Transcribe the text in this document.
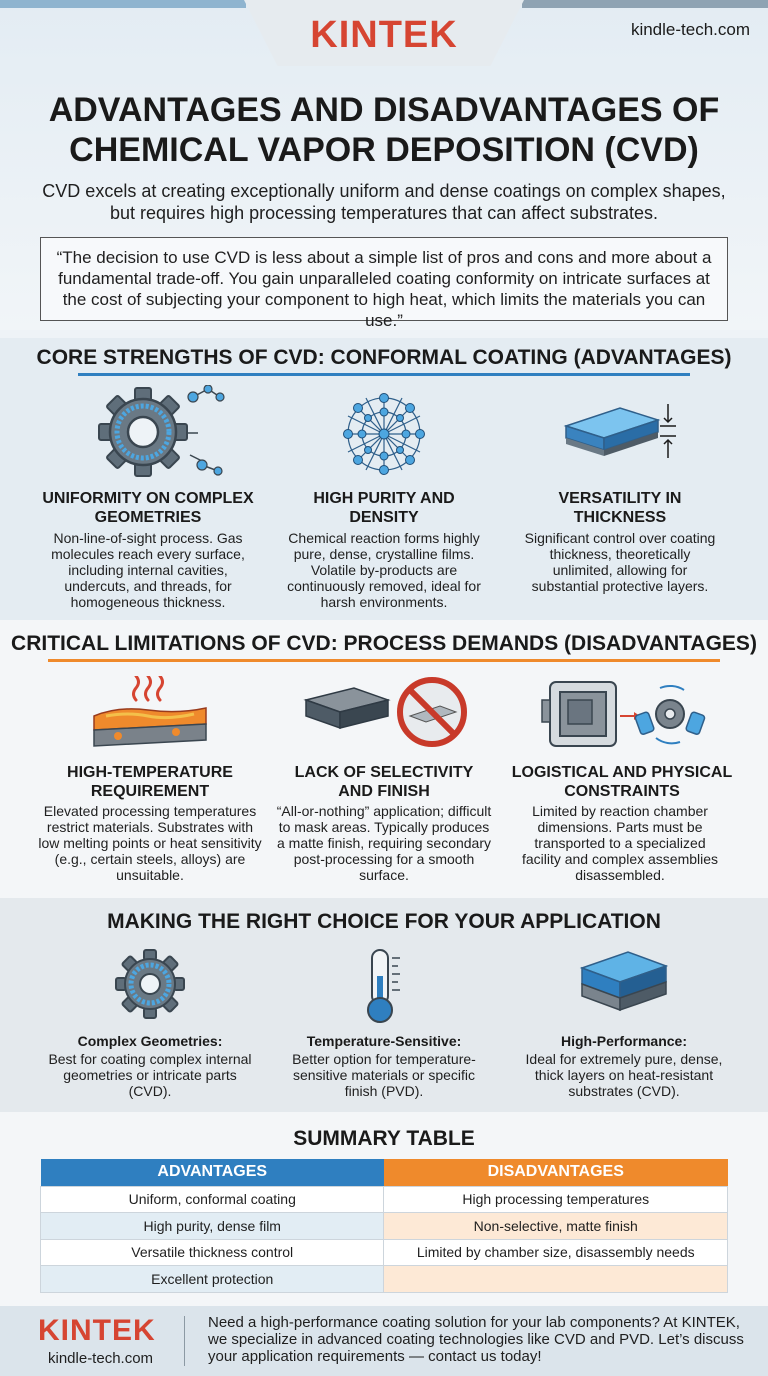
KINTEK	kindle-tech.com
ADVANTAGES AND DISADVANTAGES OF CHEMICAL VAPOR DEPOSITION (CVD)
CVD excels at creating exceptionally uniform and dense coatings on complex shapes, but requires high processing temperatures that can affect substrates.
“The decision to use CVD is less about a simple list of pros and cons and more about a fundamental trade-off. You gain unparalleled coating conformity on intricate surfaces at the cost of subjecting your component to high heat, which limits the materials you can use.”
CORE STRENGTHS OF CVD: CONFORMAL COATING (ADVANTAGES)
UNIFORMITY ON COMPLEX GEOMETRIES
Non-line-of-sight process. Gas molecules reach every surface, including internal cavities, undercuts, and threads, for homogeneous thickness.
HIGH PURITY AND DENSITY
Chemical reaction forms highly pure, dense, crystalline films. Volatile by-products are continuously removed, ideal for harsh environments.
VERSATILITY IN THICKNESS
Significant control over coating thickness, theoretically unlimited, allowing for substantial protective layers.
CRITICAL LIMITATIONS OF CVD: PROCESS DEMANDS (DISADVANTAGES)
HIGH-TEMPERATURE REQUIREMENT
Elevated processing temperatures restrict materials. Substrates with low melting points or heat sensitivity (e.g., certain steels, alloys) are unsuitable.
LACK OF SELECTIVITY AND FINISH
“All-or-nothing” application; difficult to mask areas. Typically produces a matte finish, requiring secondary post-processing for a smooth surface.
LOGISTICAL AND PHYSICAL CONSTRAINTS
Limited by reaction chamber dimensions. Parts must be transported to a specialized facility and complex assemblies disassembled.
MAKING THE RIGHT CHOICE FOR YOUR APPLICATION
Complex Geometries:
Best for coating complex internal geometries or intricate parts (CVD).
Temperature-Sensitive:
Better option for temperature-sensitive materials or specific finish (PVD).
High-Performance:
Ideal for extremely pure, dense, thick layers on heat-resistant substrates (CVD).
SUMMARY TABLE
ADVANTAGES	DISADVANTAGES
Uniform, conformal coating	High processing temperatures
High purity, dense film	Non-selective, matte finish
Versatile thickness control	Limited by chamber size, disassembly needs
Excellent protection	
KINTEK
kindle-tech.com
Need a high-performance coating solution for your lab components? At KINTEK, we specialize in advanced coating technologies like CVD and PVD. Let’s discuss your application requirements — contact us today!
